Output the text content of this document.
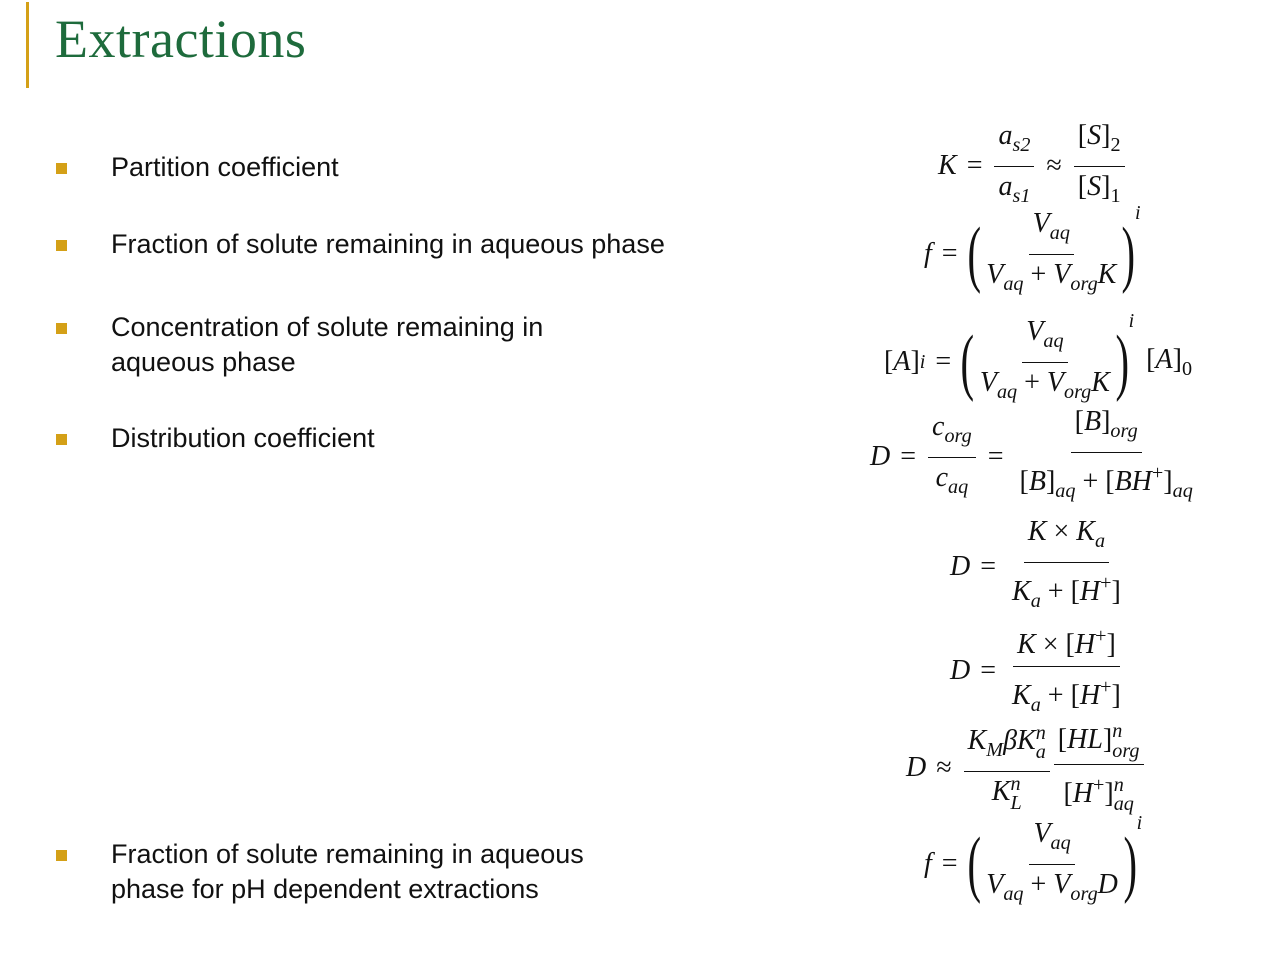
Extractions
Partition coefficient
Fraction of solute remaining in aqueous phase
Concentration of solute remaining in
aqueous phase
Distribution coefficient
Fraction of solute remaining in aqueous
phase for pH dependent extractions
$K = \frac{a_{s2}}{a_{s1}} \approx \frac{[S]_2}{[S]_1}$
f = ( $\frac{V_{aq}}{V_{aq} + V_{org}K}$ )
i
[ A ] i = ( $\frac{V_{aq}}{V_{aq} + V_{org}K}$ )
i
$[A]_0$
$D = \frac{c_{org}}{c_{aq}} = \frac{[B]_{org}}{[B]_{aq} + [BH^+]_{aq}}$
$D = \frac{K \times K_a}{K_a + [H^+]}$
$D = \frac{K \times [H^+]}{K_a + [H^+]}$
$D \approx K_M\beta K$ n
a
K n
L [HL] n
org
[H+] n
aq
f = ( $\frac{V_{aq}}{V_{aq} + V_{org}D}$ )
i
